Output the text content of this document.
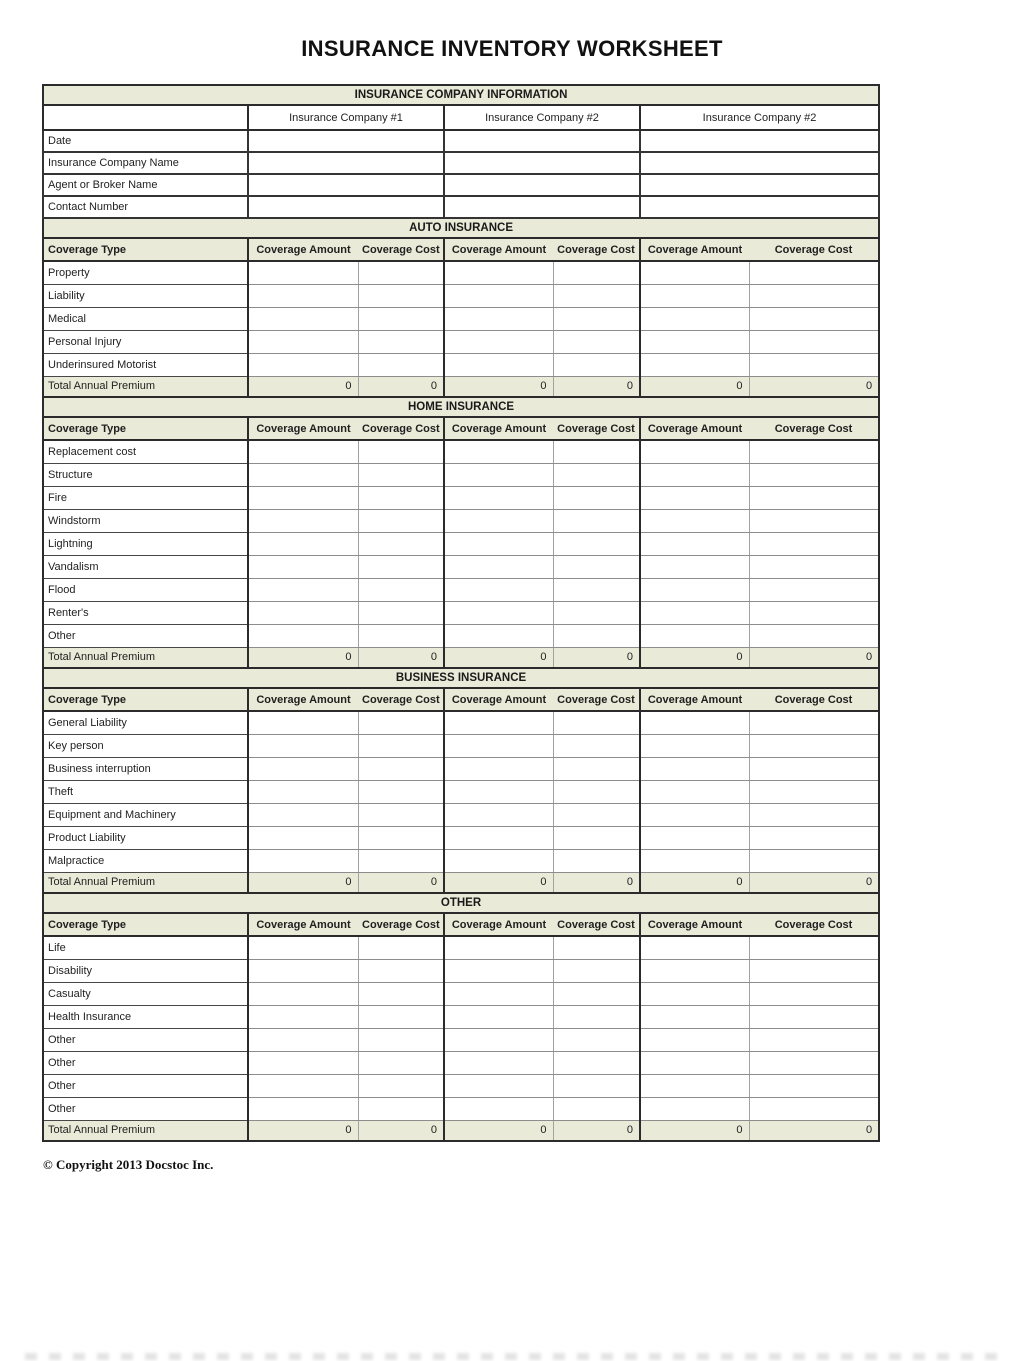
INSURANCE INVENTORY WORKSHEET
INSURANCE COMPANY INFORMATION						
	Insurance Company #1		Insurance Company #2		Insurance Company #2	
Date						
Insurance Company Name						
Agent or Broker Name						
Contact Number						
AUTO INSURANCE						
Coverage Type	Coverage Amount	Coverage Cost	Coverage Amount	Coverage Cost	Coverage Amount	Coverage Cost
Property						
Liability						
Medical						
Personal Injury						
Underinsured Motorist						
Total Annual Premium	0	0	0	0	0	0
HOME INSURANCE						
Coverage Type	Coverage Amount	Coverage Cost	Coverage Amount	Coverage Cost	Coverage Amount	Coverage Cost
Replacement cost						
Structure						
Fire						
Windstorm						
Lightning						
Vandalism						
Flood						
Renter's						
Other						
Total Annual Premium	0	0	0	0	0	0
BUSINESS INSURANCE						
Coverage Type	Coverage Amount	Coverage Cost	Coverage Amount	Coverage Cost	Coverage Amount	Coverage Cost
General Liability						
Key person						
Business interruption						
Theft						
Equipment and Machinery						
Product Liability						
Malpractice						
Total Annual Premium	0	0	0	0	0	0
OTHER						
Coverage Type	Coverage Amount	Coverage Cost	Coverage Amount	Coverage Cost	Coverage Amount	Coverage Cost
Life						
Disability						
Casualty						
Health Insurance						
Other						
Other						
Other						
Other						
Total Annual Premium	0	0	0	0	0	0
© Copyright 2013 Docstoc Inc.
